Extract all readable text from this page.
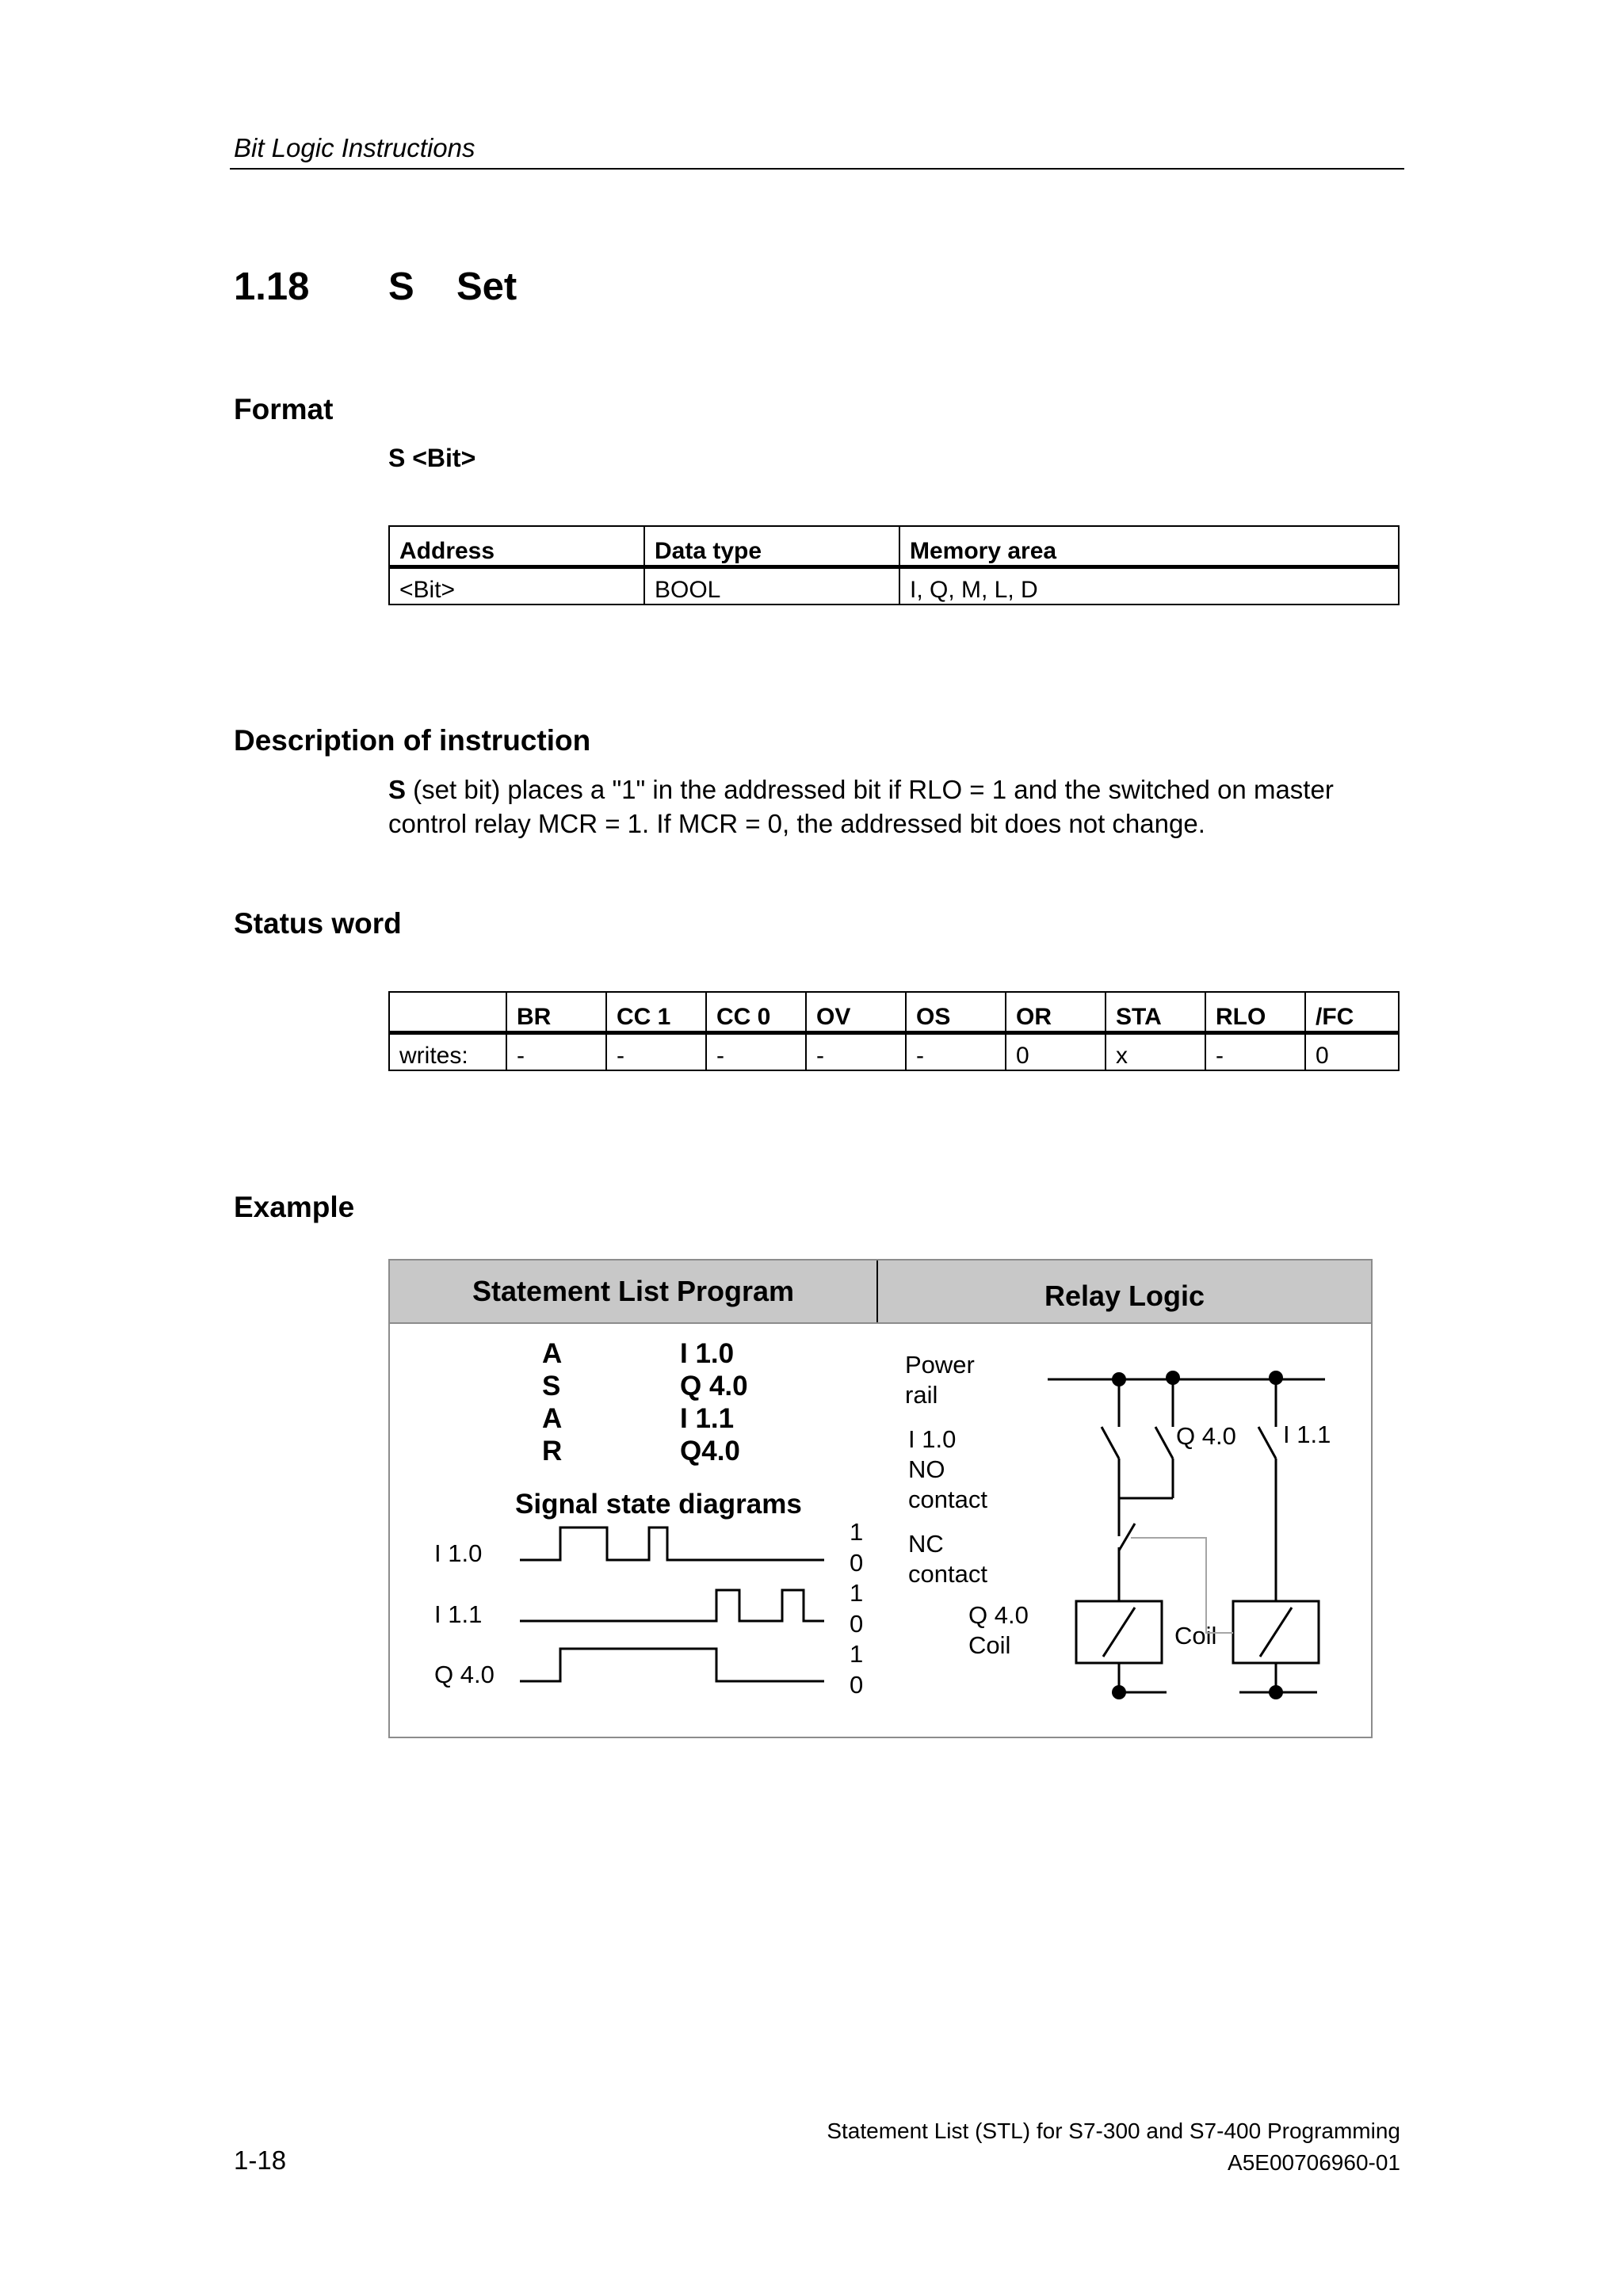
Bit Logic Instructions
1.18 S Set
Format
S <Bit>
Address	Data type	Memory area
<Bit>	BOOL	I, Q, M, L, D
Description of instruction
S (set bit) places a "1" in the addressed bit if RLO = 1 and the switched on master control relay MCR = 1. If MCR = 0, the addressed bit does not change.
Status word
	BR	CC 1	CC 0	OV	OS	OR	STA	RLO	/FC
writes:	-	-	-	-	-	0	x	-	0
Example
Statement List Program	Relay Logic
A	I 1.0
S	Q 4.0
A	I 1.1
R	Q4.0
Signal state diagrams
I 1.0
I 1.1
Q 4.0
1
0
1
0
1
0
Power
rail
I 1.0
NO
contact
NC
contact
Q 4.0 I 1.1
Q 4.0
Coil	Coil
Statement List (STL) for S7-300 and S7-400 Programming
A5E00706960-01
1-18
